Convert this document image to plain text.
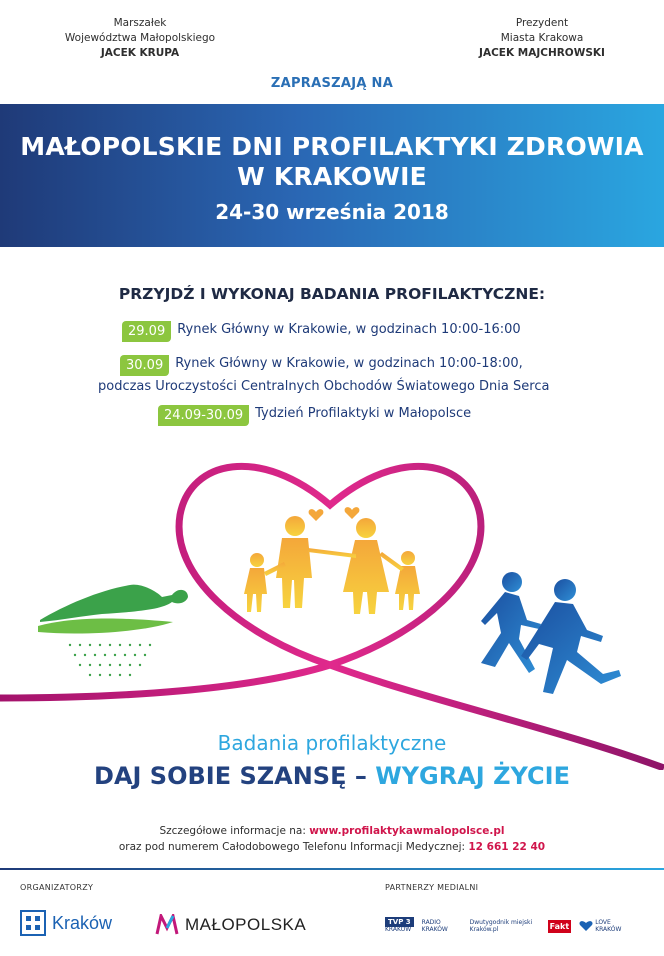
Marszałek
Województwa Małopolskiego
JACEK KRUPA
Prezydent
Miasta Krakowa
JACEK MAJCHROWSKI
ZAPRASZAJĄ NA
MAŁOPOLSKIE DNI PROFILAKTYKI ZDROWIA
W KRAKOWIE
24-30 września 2018
PRZYJDŹ I WYKONAJ BADANIA PROFILAKTYCZNE:
29.09 Rynek Główny w Krakowie, w godzinach 10:00-16:00
30.09 Rynek Główny w Krakowie, w godzinach 10:00-18:00,
podczas Uroczystości Centralnych Obchodów Światowego Dnia Serca
24.09-30.09 Tydzień Profilaktyki w Małopolsce
Badania profilaktyczne
DAJ SOBIE SZANSĘ – WYGRAJ ŻYCIE
Szczegółowe informacje na: www.profilaktykawmalopolsce.pl
oraz pod numerem Całodobowego Telefonu Informacji Medycznej: 12 661 22 40
ORGANIZATORZY	PARTNERZY MEDIALNI
Kraków	MAŁOPOLSKA	TVP 3
KRAKÓW
RADIO KRAKÓW
Dwutygodnik miejski Kraków.pl	Fakt	LOVE KRAKÓW
